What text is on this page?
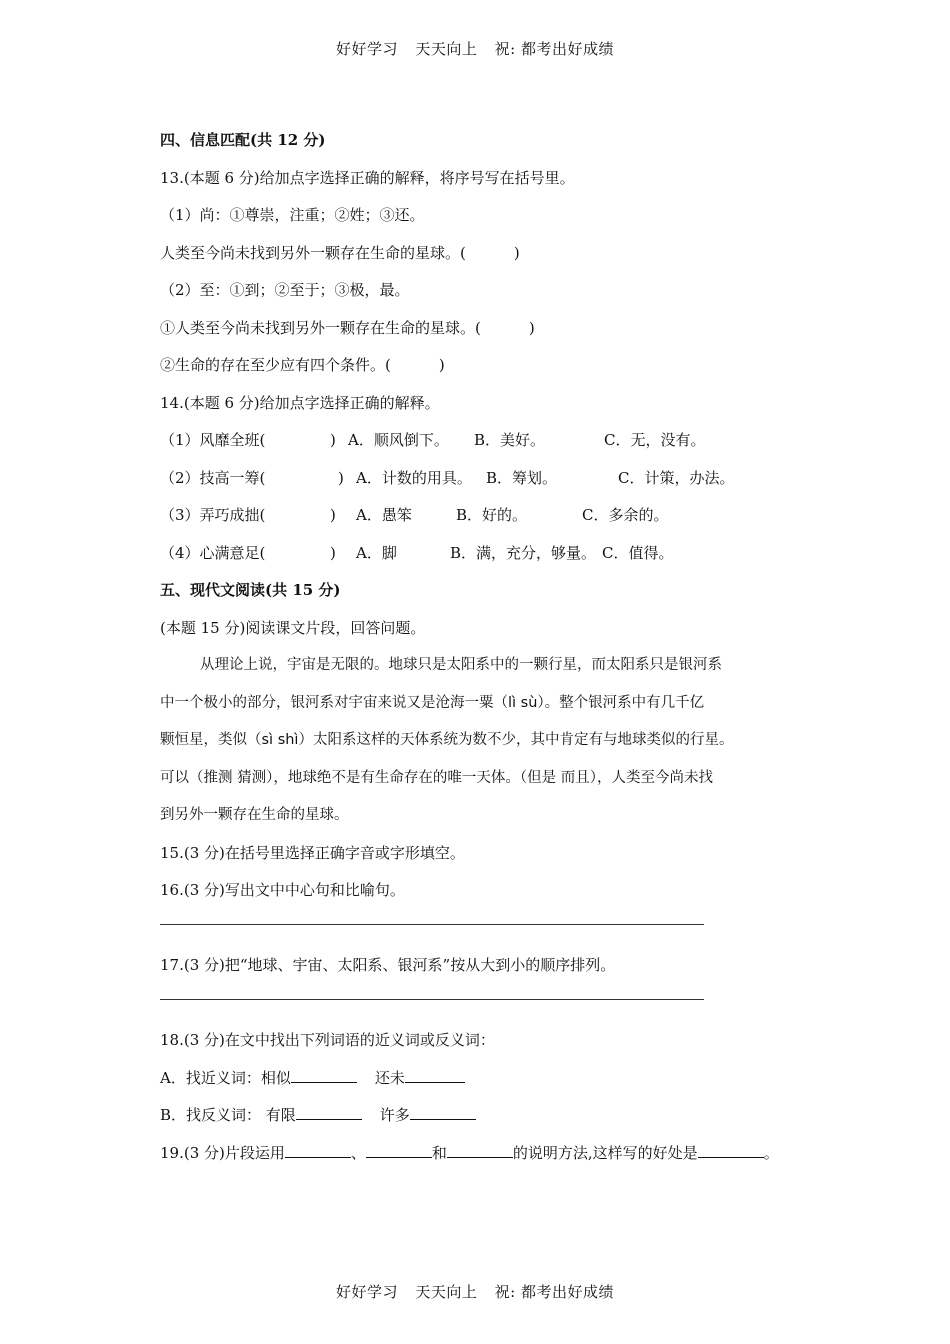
好好学习 天天向上 祝: 都考出好成绩
四、信息匹配(共 12 分)
13.(本题 6 分)给加点字选择正确的解释，将序号写在括号里。
（1）尚：①尊崇，注重；②姓；③还。
人类至今尚未找到另外一颗存在生命的星球。(	)
（2）至：①到；②至于；③极，最。
①人类至今尚未找到另外一颗存在生命的星球。(	)
②生命的存在至少应有四个条件。(	)
14.(本题 6 分)给加点字选择正确的解释。
（1）风靡全班(	) A．顺风倒下。 B．美好。	C．无，没有。
（2）技高一筹(	) A．计数的用具。 B．筹划。	C．计策，办法。
（3）弄巧成拙(	) A．愚笨	B．好的。	C．多余的。
（4）心满意足(	) A．脚	B．满，充分，够量。 C．值得。
五、现代文阅读(共 15 分)
(本题 15 分)阅读课文片段，回答问题。
从理论上说，宇宙是无限的。地球只是太阳系中的一颗行星，而太阳系只是银河系
中一个极小的部分，银河系对宇宙来说又是沧海一粟（lì sù）。整个银河系中有几千亿
颗恒星，类似（sì shì）太阳系这样的天体系统为数不少，其中肯定有与地球类似的行星。
可以（推测 猜测），地球绝不是有生命存在的唯一天体。（但是 而且），人类至今尚未找
到另外一颗存在生命的星球。
15.(3 分)在括号里选择正确字音或字形填空。
16.(3 分)写出文中中心句和比喻句。
17.(3 分)把“地球、宇宙、太阳系、银河系”按从大到小的顺序排列。
18.(3 分)在文中找出下列词语的近义词或反义词：
A．找近义词：相似	还未
B．找反义词： 有限	许多
19.(3 分)片段运用	、	和	的说明方法,这样写的好处是	。
好好学习 天天向上 祝: 都考出好成绩
